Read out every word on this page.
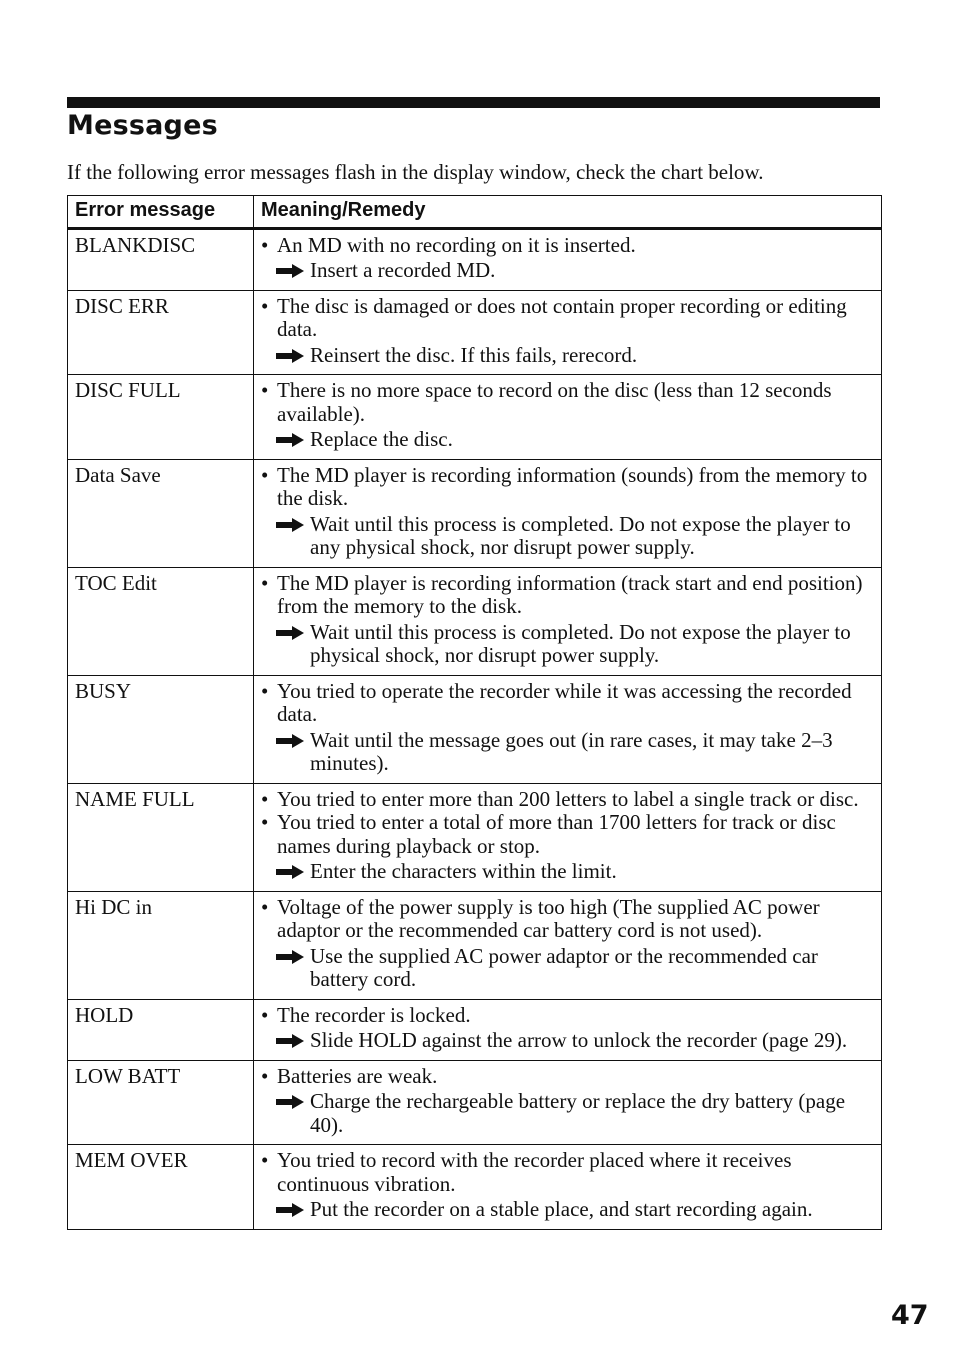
Messages
If the following error messages flash in the display window, check the chart below.
Error message	Meaning/Remedy
BLANKDISC	• An MD with no recording on it is inserted.
Insert a recorded MD.

DISC ERR	• The disc is damaged or does not contain proper recording or editing data.
Reinsert the disc. If this fails, rerecord.

DISC FULL	• There is no more space to record on the disc (less than 12 seconds available).
Replace the disc.

Data Save	• The MD player is recording information (sounds) from the memory to the disk.
Wait until this process is completed. Do not expose the player to any physical shock, nor disrupt power supply.

TOC Edit	• The MD player is recording information (track start and end position) from the memory to the disk.
Wait until this process is completed. Do not expose the player to physical shock, nor disrupt power supply.

BUSY	• You tried to operate the recorder while it was accessing the recorded data.
Wait until the message goes out (in rare cases, it may take 2–3 minutes).

NAME FULL	• You tried to enter more than 200 letters to label a single track or disc.
• You tried to enter a total of more than 1700 letters for track or disc names during playback or stop.
Enter the characters within the limit.

Hi DC in	• Voltage of the power supply is too high (The supplied AC power adaptor or the recommended car battery cord is not used).
Use the supplied AC power adaptor or the recommended car battery cord.

HOLD	• The recorder is locked.
Slide HOLD against the arrow to unlock the recorder (page 29).

LOW BATT	• Batteries are weak.
Charge the rechargeable battery or replace the dry battery (page 40).

MEM OVER	• You tried to record with the recorder placed where it receives continuous vibration.
Put the recorder on a stable place, and start recording again.
47
